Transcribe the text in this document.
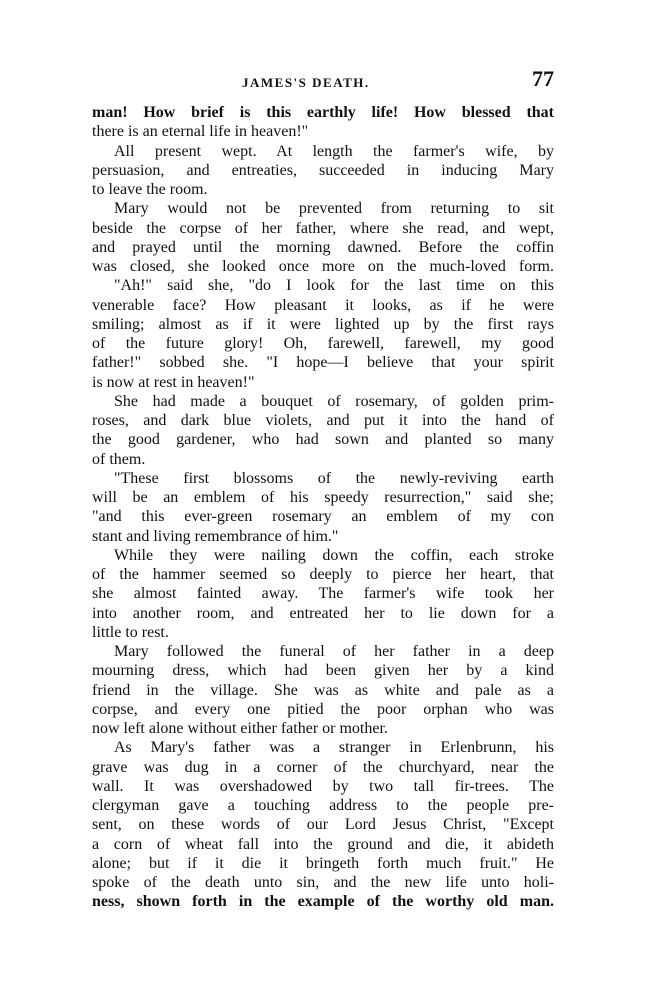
JAMES'S DEATH.	77
man! How brief is this earthly life! How blessed that
there is an eternal life in heaven!"
All present wept. At length the farmer's wife, by
persuasion, and entreaties, succeeded in inducing Mary
to leave the room.
Mary would not be prevented from returning to sit
beside the corpse of her father, where she read, and wept,
and prayed until the morning dawned. Before the coffin
was closed, she looked once more on the much-loved form.
"Ah!" said she, "do I look for the last time on this
venerable face? How pleasant it looks, as if he were
smiling; almost as if it were lighted up by the first rays
of the future glory! Oh, farewell, farewell, my good
father!" sobbed she. "I hope—I believe that your spirit
is now at rest in heaven!"
She had made a bouquet of rosemary, of golden prim-
roses, and dark blue violets, and put it into the hand of
the good gardener, who had sown and planted so many
of them.
"These first blossoms of the newly-reviving earth
will be an emblem of his speedy resurrection," said she;
"and this ever-green rosemary an emblem of my con
stant and living remembrance of him."
While they were nailing down the coffin, each stroke
of the hammer seemed so deeply to pierce her heart, that
she almost fainted away. The farmer's wife took her
into another room, and entreated her to lie down for a
little to rest.
Mary followed the funeral of her father in a deep
mourning dress, which had been given her by a kind
friend in the village. She was as white and pale as a
corpse, and every one pitied the poor orphan who was
now left alone without either father or mother.
As Mary's father was a stranger in Erlenbrunn, his
grave was dug in a corner of the churchyard, near the
wall. It was overshadowed by two tall fir-trees. The
clergyman gave a touching address to the people pre-
sent, on these words of our Lord Jesus Christ, "Except
a corn of wheat fall into the ground and die, it abideth
alone; but if it die it bringeth forth much fruit." He
spoke of the death unto sin, and the new life unto holi-
ness, shown forth in the example of the worthy old man.
